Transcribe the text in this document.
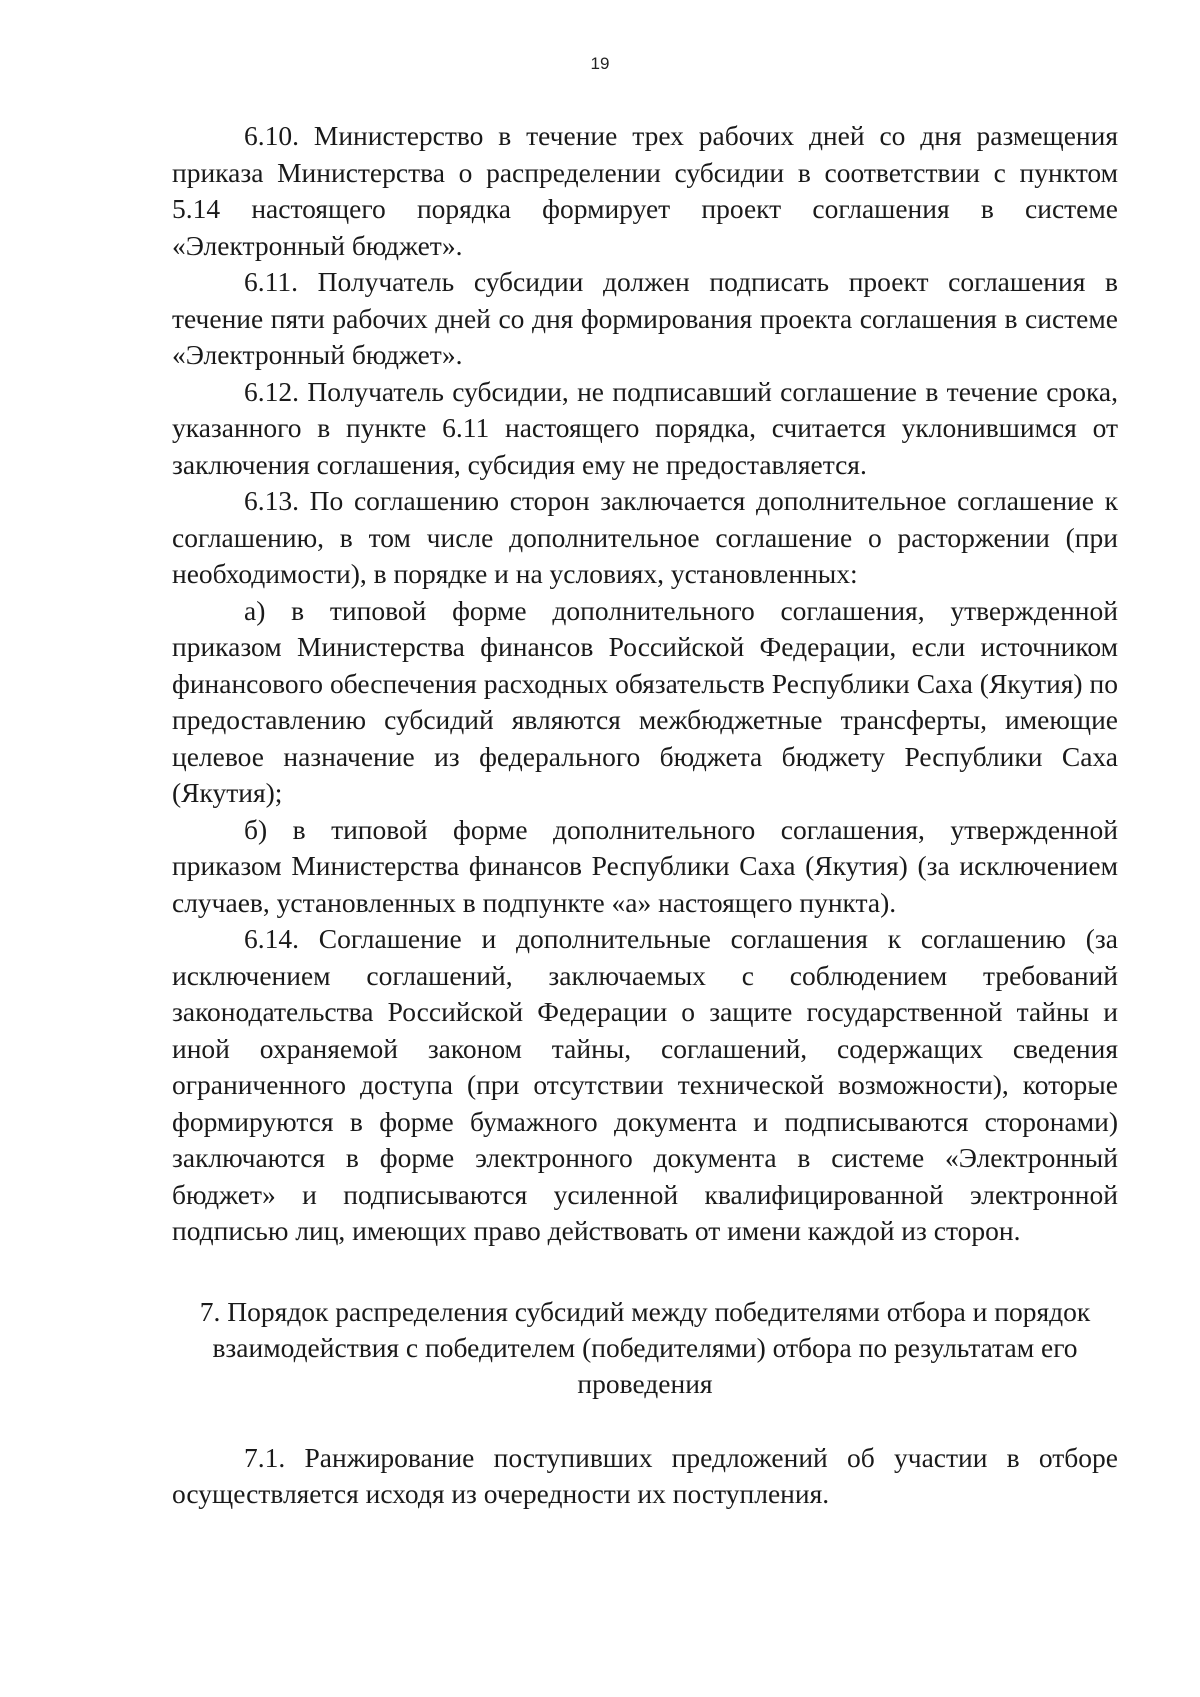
19

6.10. Министерство в течение трех рабочих дней со дня размещения приказа Министерства о распределении субсидии в соответствии с пунктом 5.14 настоящего порядка формирует проект соглашения в системе «Электронный бюджет».

6.11. Получатель субсидии должен подписать проект соглашения в течение пяти рабочих дней со дня формирования проекта соглашения в системе «Электронный бюджет».

6.12. Получатель субсидии, не подписавший соглашение в течение срока, указанного в пункте 6.11 настоящего порядка, считается уклонившимся от заключения соглашения, субсидия ему не предоставляется.

6.13. По соглашению сторон заключается дополнительное соглашение к соглашению, в том числе дополнительное соглашение о расторжении (при необходимости), в порядке и на условиях, установленных:

а) в типовой форме дополнительного соглашения, утвержденной приказом Министерства финансов Российской Федерации, если источником финансового обеспечения расходных обязательств Республики Саха (Якутия) по предоставлению субсидий являются межбюджетные трансферты, имеющие целевое назначение из федерального бюджета бюджету Республики Саха (Якутия);

б) в типовой форме дополнительного соглашения, утвержденной приказом Министерства финансов Республики Саха (Якутия) (за исключением случаев, установленных в подпункте «а» настоящего пункта).

6.14. Соглашение и дополнительные соглашения к соглашению (за исключением соглашений, заключаемых с соблюдением требований законодательства Российской Федерации о защите государственной тайны и иной охраняемой законом тайны, соглашений, содержащих сведения ограниченного доступа (при отсутствии технической возможности), которые формируются в форме бумажного документа и подписываются сторонами) заключаются в форме электронного документа в системе «Электронный бюджет» и подписываются усиленной квалифицированной электронной подписью лиц, имеющих право действовать от имени каждой из сторон.

7. Порядок распределения субсидий между победителями отбора и порядок взаимодействия с победителем (победителями) отбора по результатам его проведения

7.1. Ранжирование поступивших предложений об участии в отборе осуществляется исходя из очередности их поступления.
